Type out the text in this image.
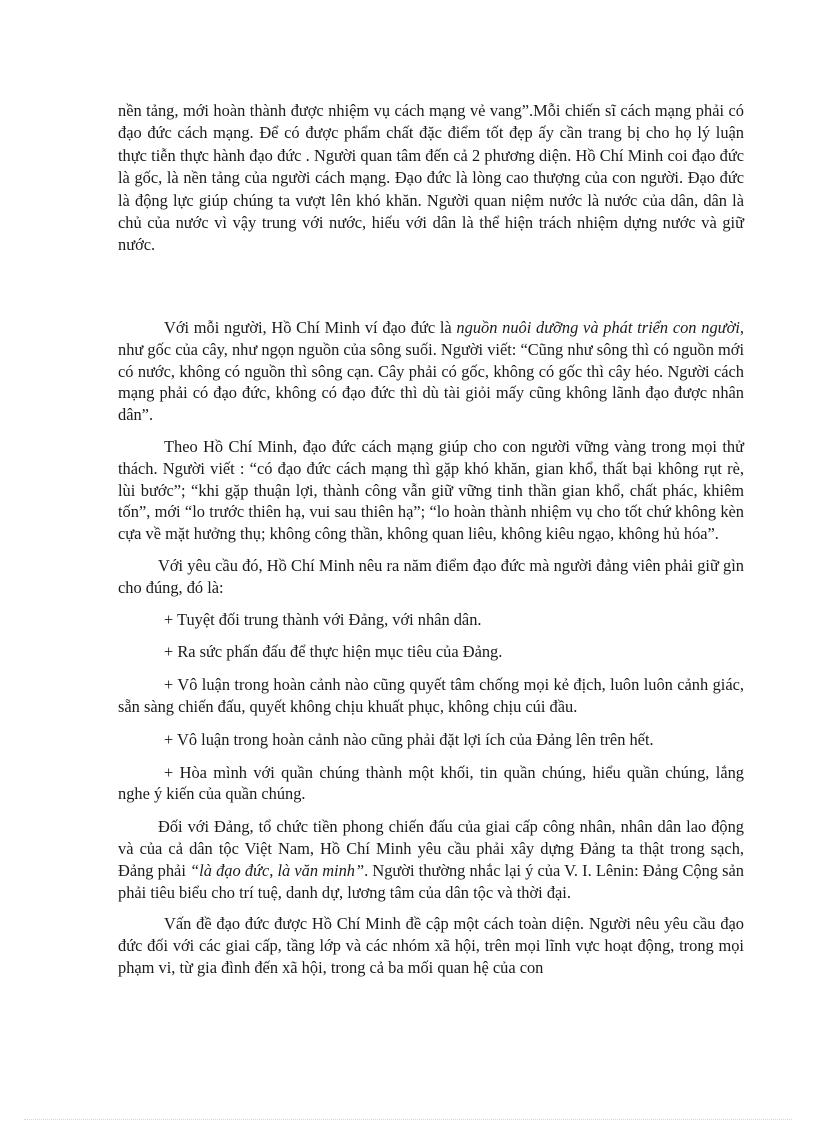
nền tảng, mới hoàn thành được nhiệm vụ cách mạng vẻ vang”.Mỗi chiến sĩ cách mạng phải có đạo đức cách mạng. Để có được phẩm chất đặc điểm tốt đẹp ấy cần trang bị cho họ lý luận thực tiễn thực hành đạo đức . Người quan tâm đến cả 2 phương diện. Hồ Chí Minh coi đạo đức là gốc, là nền tảng của người cách mạng. Đạo đức là lòng cao thượng của con người. Đạo đức là động lực giúp chúng ta vượt lên khó khăn. Người quan niệm nước là nước của dân, dân là chủ của nước vì vậy trung với nước, hiếu với dân là thể hiện trách nhiệm dựng nước và giữ nước.

Với mỗi người, Hồ Chí Minh ví đạo đức là nguồn nuôi dưỡng và phát triển con người, như gốc của cây, như ngọn nguồn của sông suối. Người viết: “Cũng như sông thì có nguồn mới có nước, không có nguồn thì sông cạn. Cây phải có gốc, không có gốc thì cây héo. Người cách mạng phải có đạo đức, không có đạo đức thì dù tài giỏi mấy cũng không lãnh đạo được nhân dân”.

Theo Hồ Chí Minh, đạo đức cách mạng giúp cho con người vững vàng trong mọi thử thách. Người viết : “có đạo đức cách mạng thì gặp khó khăn, gian khổ, thất bại không rụt rè, lùi bước”; “khi gặp thuận lợi, thành công vẫn giữ vững tinh thần gian khổ, chất phác, khiêm tốn”, mới “lo trước thiên hạ, vui sau thiên hạ”; “lo hoàn thành nhiệm vụ cho tốt chứ không kèn cựa về mặt hưởng thụ; không công thần, không quan liêu, không kiêu ngạo, không hủ hóa”.

Với yêu cầu đó, Hồ Chí Minh nêu ra năm điểm đạo đức mà người đảng viên phải giữ gìn cho đúng, đó là:

+ Tuyệt đối trung thành với Đảng, với nhân dân.

+ Ra sức phấn đấu để thực hiện mục tiêu của Đảng.

+ Vô luận trong hoàn cảnh nào cũng quyết tâm chống mọi kẻ địch, luôn luôn cảnh giác, sẵn sàng chiến đấu, quyết không chịu khuất phục, không chịu cúi đầu.

+ Vô luận trong hoàn cảnh nào cũng phải đặt lợi ích của Đảng lên trên hết.

+ Hòa mình với quần chúng thành một khối, tin quần chúng, hiểu quần chúng, lắng nghe ý kiến của quần chúng.

Đối với Đảng, tổ chức tiền phong chiến đấu của giai cấp công nhân, nhân dân lao động và của cả dân tộc Việt Nam, Hồ Chí Minh yêu cầu phải xây dựng Đảng ta thật trong sạch, Đảng phải “là đạo đức, là văn minh”. Người thường nhắc lại ý của V. I. Lênin: Đảng Cộng sản phải tiêu biểu cho trí tuệ, danh dự, lương tâm của dân tộc và thời đại.

Vấn đề đạo đức được Hồ Chí Minh đề cập một cách toàn diện. Người nêu yêu cầu đạo đức đối với các giai cấp, tầng lớp và các nhóm xã hội, trên mọi lĩnh vực hoạt động, trong mọi phạm vi, từ gia đình đến xã hội, trong cả ba mối quan hệ của con
